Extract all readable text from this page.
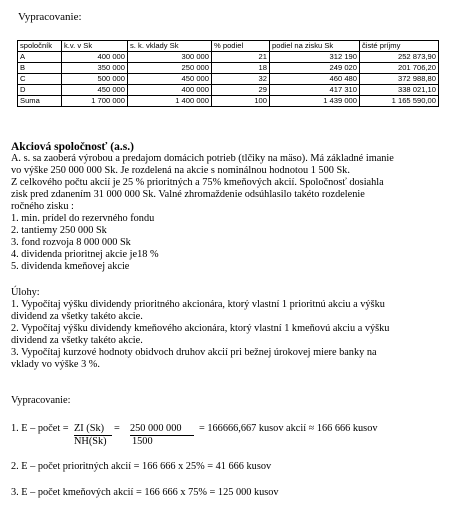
Vypracovanie:
spoločník	k.v. v Sk	s. k. vklady Sk	% podiel	podiel na zisku Sk	čisté príjmy
A	400 000	300 000	21	312 190	252 873,90
B	350 000	250 000	18	249 020	201 706,20
C	500 000	450 000	32	460 480	372 988,80
D	450 000	400 000	29	417 310	338 021,10
Suma	1 700 000	1 400 000	100	1 439 000	1 165 590,00
Akciová spoločnosť (a.s.)
A. s. sa zaoberá výrobou a predajom domácich potrieb (tlčiky na mäso). Má základné imanie
vo výške 250 000 000 Sk. Je rozdelená na akcie s nominálnou hodnotou 1 500 Sk.
Z celkového počtu akcií je 25 % prioritných a 75% kmeňových akcií. Spoločnosť dosiahla
zisk pred zdanením 31 000 000 Sk. Valné zhromaždenie odsúhlasilo takéto rozdelenie
ročného zisku :
1. min. prídel do rezervného fondu
2. tantiemy 250 000 Sk
3. fond rozvoja 8 000 000 Sk
4. dividenda prioritnej akcie je18 %
5. dividenda kmeňovej akcie
Úlohy:
1. Vypočítaj výšku dividendy prioritného akcionára, ktorý vlastní 1 prioritnú akciu a výšku
dividend za všetky takéto akcie.
2. Vypočítaj výšku dividendy kmeňového akcionára, ktorý vlastní 1 kmeňovú akciu a výšku
dividend za všetky takéto akcie.
3. Vypočítaj kurzové hodnoty obidvoch druhov akcií pri bežnej úrokovej miere banky na
vklady vo výške 3 %.
Vypracovanie:
1. E – počet = ZI (Sk)
NH(Sk)
= 250 000 000
1500
= 166666,667 kusov akcií ≈ 166 666 kusov
2. E – počet prioritných akcií = 166 666 x 25% = 41 666 kusov
3. E – počet kmeňových akcií = 166 666 x 75% = 125 000 kusov
